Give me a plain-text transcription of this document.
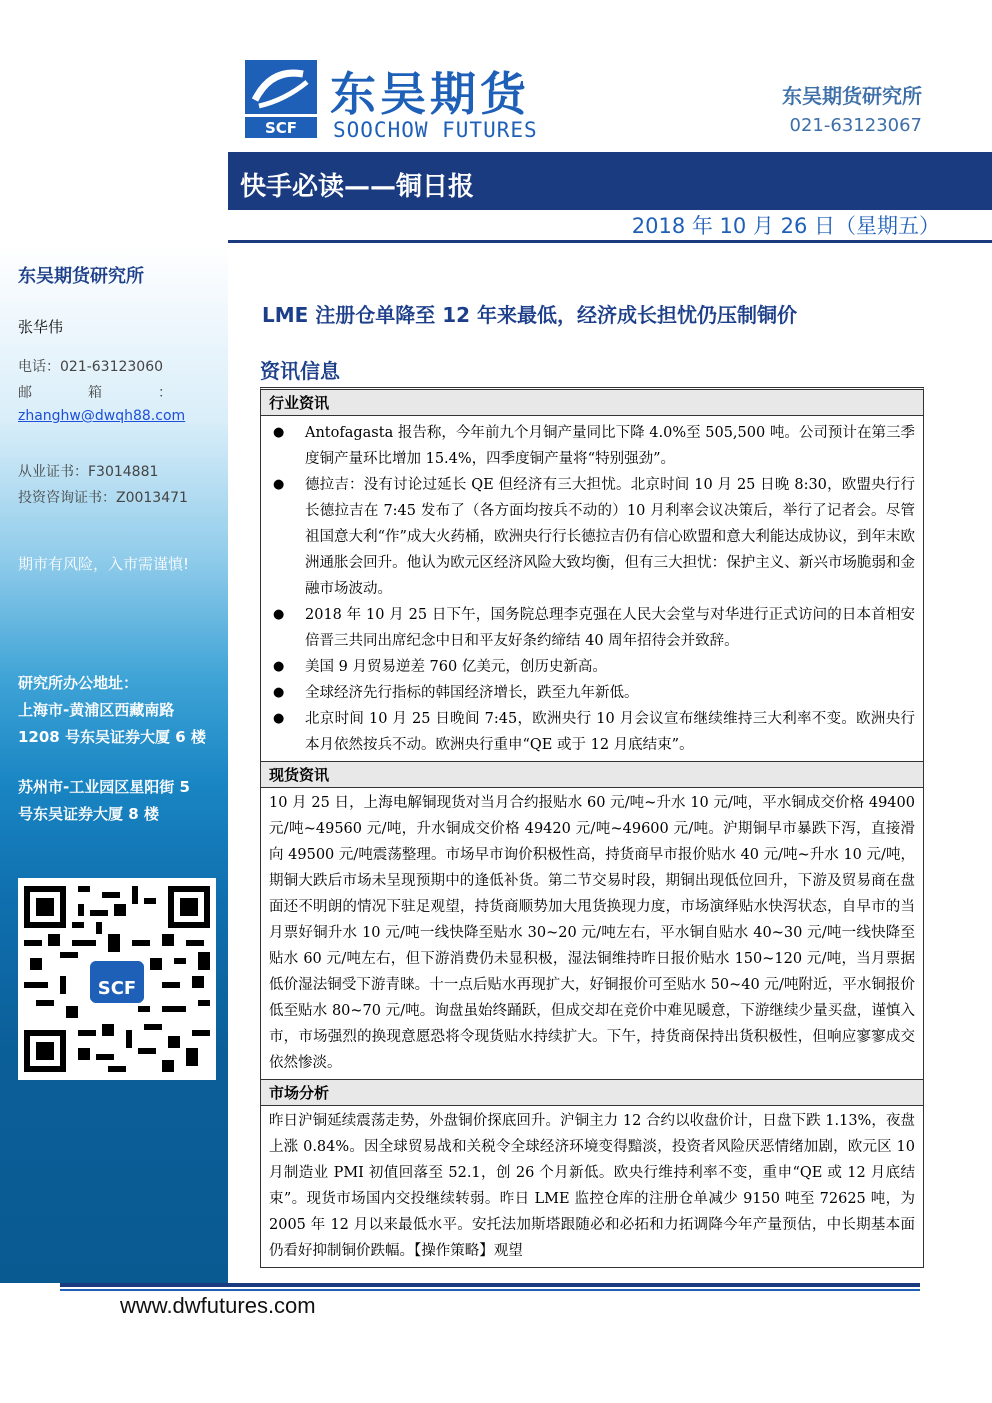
东吴期货研究所
张华伟
电话：021-63123060
邮　　　　箱　　　　：
zhanghw@dwqh88.com
从业证书：F3014881
投资咨询证书：Z0013471
期市有风险，入市需谨慎!
研究所办公地址：
上海市-黄浦区西藏南路
1208 号东吴证券大厦 6 楼
苏州市-工业园区星阳街 5
号东吴证券大厦 8 楼
SCF
SCF
东吴期货
SOOCHOW FUTURES
东吴期货研究所
021-63123067
快手必读——铜日报
2018 年 10 月 26 日（星期五）
LME 注册仓单降至 12 年来最低，经济成长担忧仍压制铜价
资讯信息
行业资讯
● Antofagasta 报告称，今年前九个月铜产量同比下降 4.0%至 505,500 吨。公司预计在第三季度铜产量环比增加 15.4%，四季度铜产量将“特别强劲”。
● 德拉吉：没有讨论过延长 QE 但经济有三大担忧。北京时间 10 月 25 日晚 8:30，欧盟央行行长德拉吉在 7:45 发布了（各方面均按兵不动的）10 月利率会议决策后，举行了记者会。尽管祖国意大利“作”成大火药桶，欧洲央行行长德拉吉仍有信心欧盟和意大利能达成协议，到年末欧洲通胀会回升。他认为欧元区经济风险大致均衡，但有三大担忧：保护主义、新兴市场脆弱和金融市场波动。
● 2018 年 10 月 25 日下午，国务院总理李克强在人民大会堂与对华进行正式访问的日本首相安倍晋三共同出席纪念中日和平友好条约缔结 40 周年招待会并致辞。
● 美国 9 月贸易逆差 760 亿美元，创历史新高。
● 全球经济先行指标的韩国经济增长，跌至九年新低。
● 北京时间 10 月 25 日晚间 7:45，欧洲央行 10 月会议宣布继续维持三大利率不变。欧洲央行本月依然按兵不动。欧洲央行重申“QE 或于 12 月底结束”。
现货资讯
10 月 25 日，上海电解铜现货对当月合约报贴水 60 元/吨~升水 10 元/吨，平水铜成交价格 49400 元/吨~49560 元/吨，升水铜成交价格 49420 元/吨~49600 元/吨。沪期铜早市暴跌下泻，直接滑向 49500 元/吨震荡整理。市场早市询价积极性高，持货商早市报价贴水 40 元/吨~升水 10 元/吨，期铜大跌后市场未呈现预期中的逢低补货。第二节交易时段，期铜出现低位回升，下游及贸易商在盘面还不明朗的情况下驻足观望，持货商顺势加大甩货换现力度，市场演绎贴水快泻状态，自早市的当月票好铜升水 10 元/吨一线快降至贴水 30~20 元/吨左右，平水铜自贴水 40~30 元/吨一线快降至贴水 60 元/吨左右，但下游消费仍未显积极，湿法铜维持昨日报价贴水 150~120 元/吨，当月票据低价湿法铜受下游青睐。十一点后贴水再现扩大，好铜报价可至贴水 50~40 元/吨附近，平水铜报价低至贴水 80~70 元/吨。询盘虽始终踊跃，但成交却在竞价中难见暖意，下游继续少量买盘，谨慎入市，市场强烈的换现意愿恐将令现货贴水持续扩大。下午，持货商保持出货积极性，但响应寥寥成交依然惨淡。
市场分析
昨日沪铜延续震荡走势，外盘铜价探底回升。沪铜主力 12 合约以收盘价计，日盘下跌 1.13%，夜盘上涨 0.84%。因全球贸易战和关税令全球经济环境变得黯淡，投资者风险厌恶情绪加剧，欧元区 10 月制造业 PMI 初值回落至 52.1，创 26 个月新低。欧央行维持利率不变，重申“QE 或 12 月底结束”。现货市场国内交投继续转弱。昨日 LME 监控仓库的注册仓单减少 9150 吨至 72625 吨，为 2005 年 12 月以来最低水平。安托法加斯塔跟随必和必拓和力拓调降今年产量预估，中长期基本面仍看好抑制铜价跌幅。【操作策略】观望
www.dwfutures.com
